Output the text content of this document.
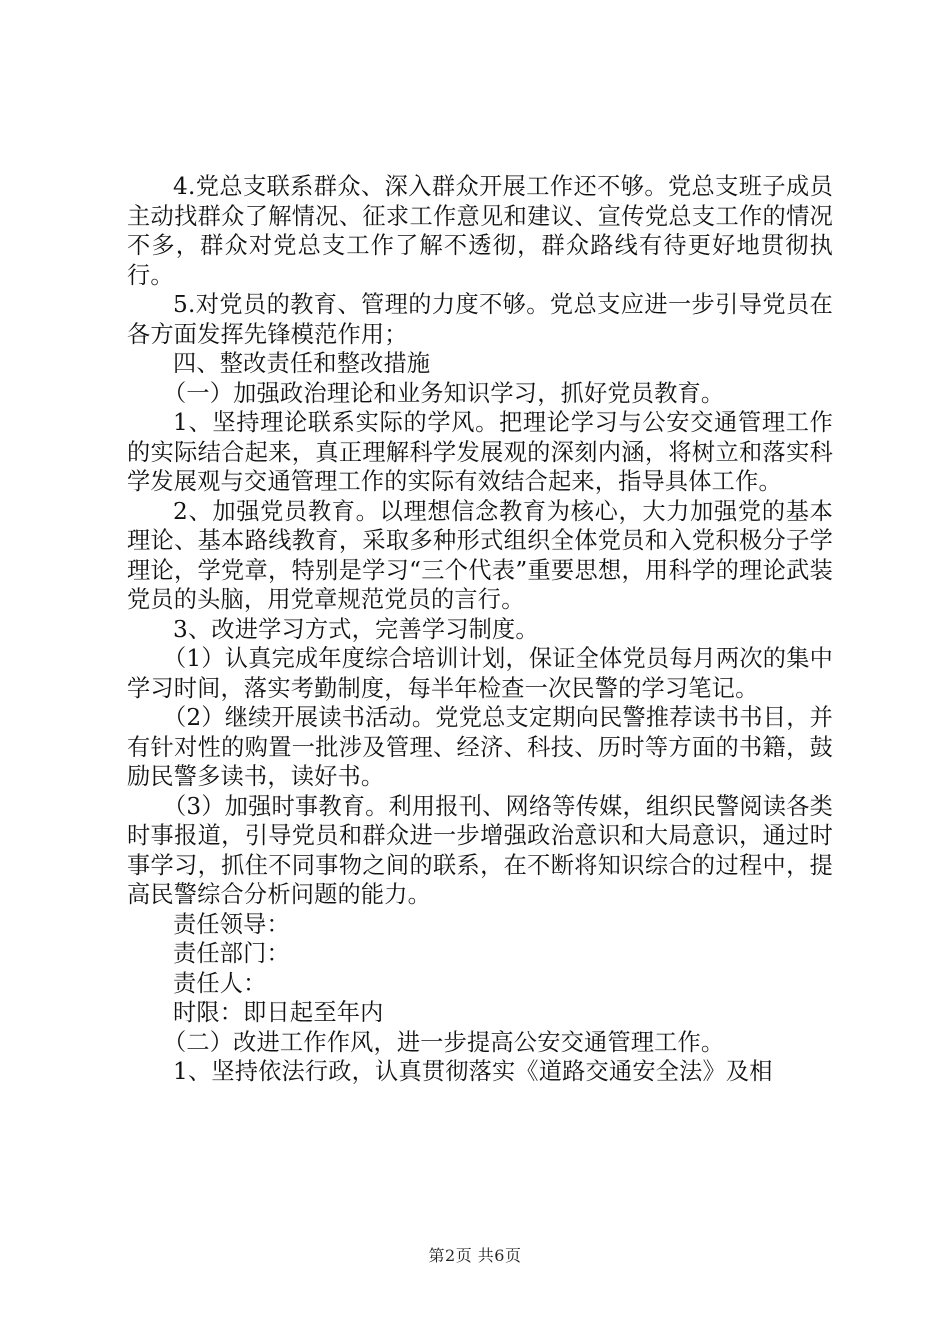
4.党总支联系群众、深入群众开展工作还不够。党总支班子成员主动找群众了解情况、征求工作意见和建议、宣传党总支工作的情况不多，群众对党总支工作了解不透彻，群众路线有待更好地贯彻执行。

5.对党员的教育、管理的力度不够。党总支应进一步引导党员在各方面发挥先锋模范作用；

四、整改责任和整改措施

（一）加强政治理论和业务知识学习，抓好党员教育。

1、坚持理论联系实际的学风。把理论学习与公安交通管理工作的实际结合起来，真正理解科学发展观的深刻内涵，将树立和落实科学发展观与交通管理工作的实际有效结合起来，指导具体工作。

2、加强党员教育。以理想信念教育为核心，大力加强党的基本理论、基本路线教育，采取多种形式组织全体党员和入党积极分子学理论，学党章，特别是学习“三个代表”重要思想，用科学的理论武装党员的头脑，用党章规范党员的言行。

3、改进学习方式，完善学习制度。

（1）认真完成年度综合培训计划，保证全体党员每月两次的集中学习时间，落实考勤制度，每半年检查一次民警的学习笔记。

（2）继续开展读书活动。党党总支定期向民警推荐读书书目，并有针对性的购置一批涉及管理、经济、科技、历时等方面的书籍，鼓励民警多读书，读好书。

（3）加强时事教育。利用报刊、网络等传媒，组织民警阅读各类时事报道，引导党员和群众进一步增强政治意识和大局意识，通过时事学习，抓住不同事物之间的联系，在不断将知识综合的过程中，提高民警综合分析问题的能力。

责任领导：

责任部门：

责任人：

时限：即日起至年内

（二）改进工作作风，进一步提高公安交通管理工作。

1、坚持依法行政，认真贯彻落实《道路交通安全法》及相

第2页 共6页
